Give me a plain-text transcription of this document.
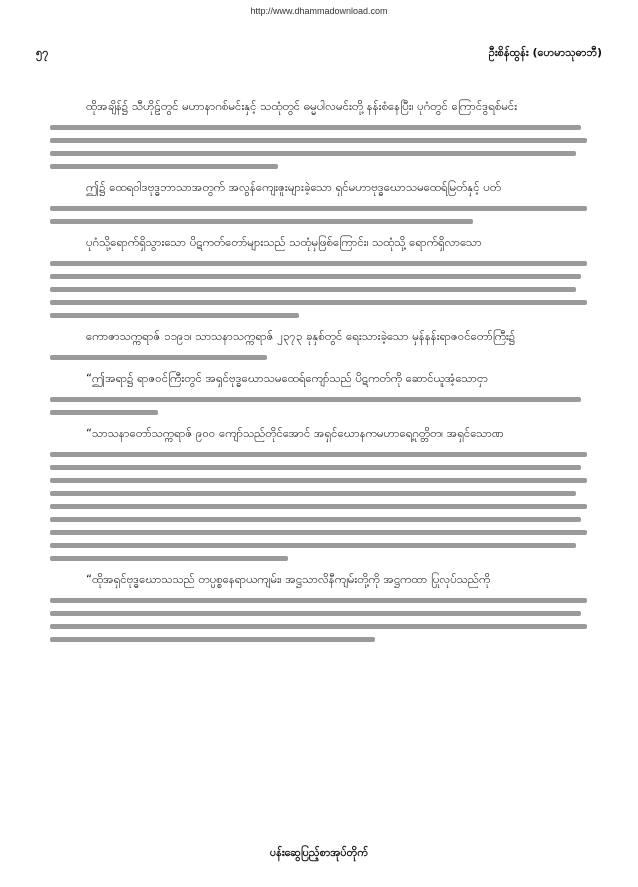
http://www.dhammadownload.com
၅၇	ဦးစိန်ထွန်း (ဟေမာသုဓာဘီ)
ထိုအချိန်၌ သီဟိုဠ်တွင် မဟာနာဂစ်မင်းနှင့် သထုံတွင် ဓမ္မပါလမင်းတို့ နန်းစံနေပြီး၊ ပုဂံတွင် ကြောင်ဒွရစ်မင်း
ဤ၌ ထေရဝါဒဗုဒ္ဓဘာသာအတွက် အလွန်ကျေးဇူးများခဲ့သော ရှင်မဟာဗုဒ္ဓဃောသမထေရ်မြတ်နှင့် ပတ်
ပုဂံသို့ရောက်ရှိသွားသော ပိဋကတ်တော်များသည် သထုံမှဖြစ်ကြောင်း၊ သထုံသို့ ရောက်ရှိလာသော
ကောဇာသက္ကရာဇ် ၁၁၉၁၊ သာသနာသက္ကရာဇ် ၂၃၇၃ ခုနှစ်တွင် ရေးသားခဲ့သော မှန်နန်းရာဇဝင်တော်ကြီး၌
“ဤအရာ၌ ရာဇဝင်ကြီးတွင် အရှင်ဗုဒ္ဓဃောသမထေရ်ကျော်သည် ပိဋကတ်ကို ဆောင်ယူအံ့သောငှာ
“သာသနာတော်သက္ကရာဇ် ၉၀၀ ကျော်သည်တိုင်အောင် အရှင်ဃောနကမဟာရေ့ဂုတ္တိတ၊ အရှင်သောဏ
“ထိုအရှင်ဗုဒ္ဓဃောသသည် တပ္ပစ္စနေရာယကျမ်း၊ အဋ္ဌသာလိနီကျမ်းတို့ကို အဋ္ဌကထာ ပြုလုပ်သည်ကို
ပန်းဆွေပြည့်စာအုပ်တိုက်
